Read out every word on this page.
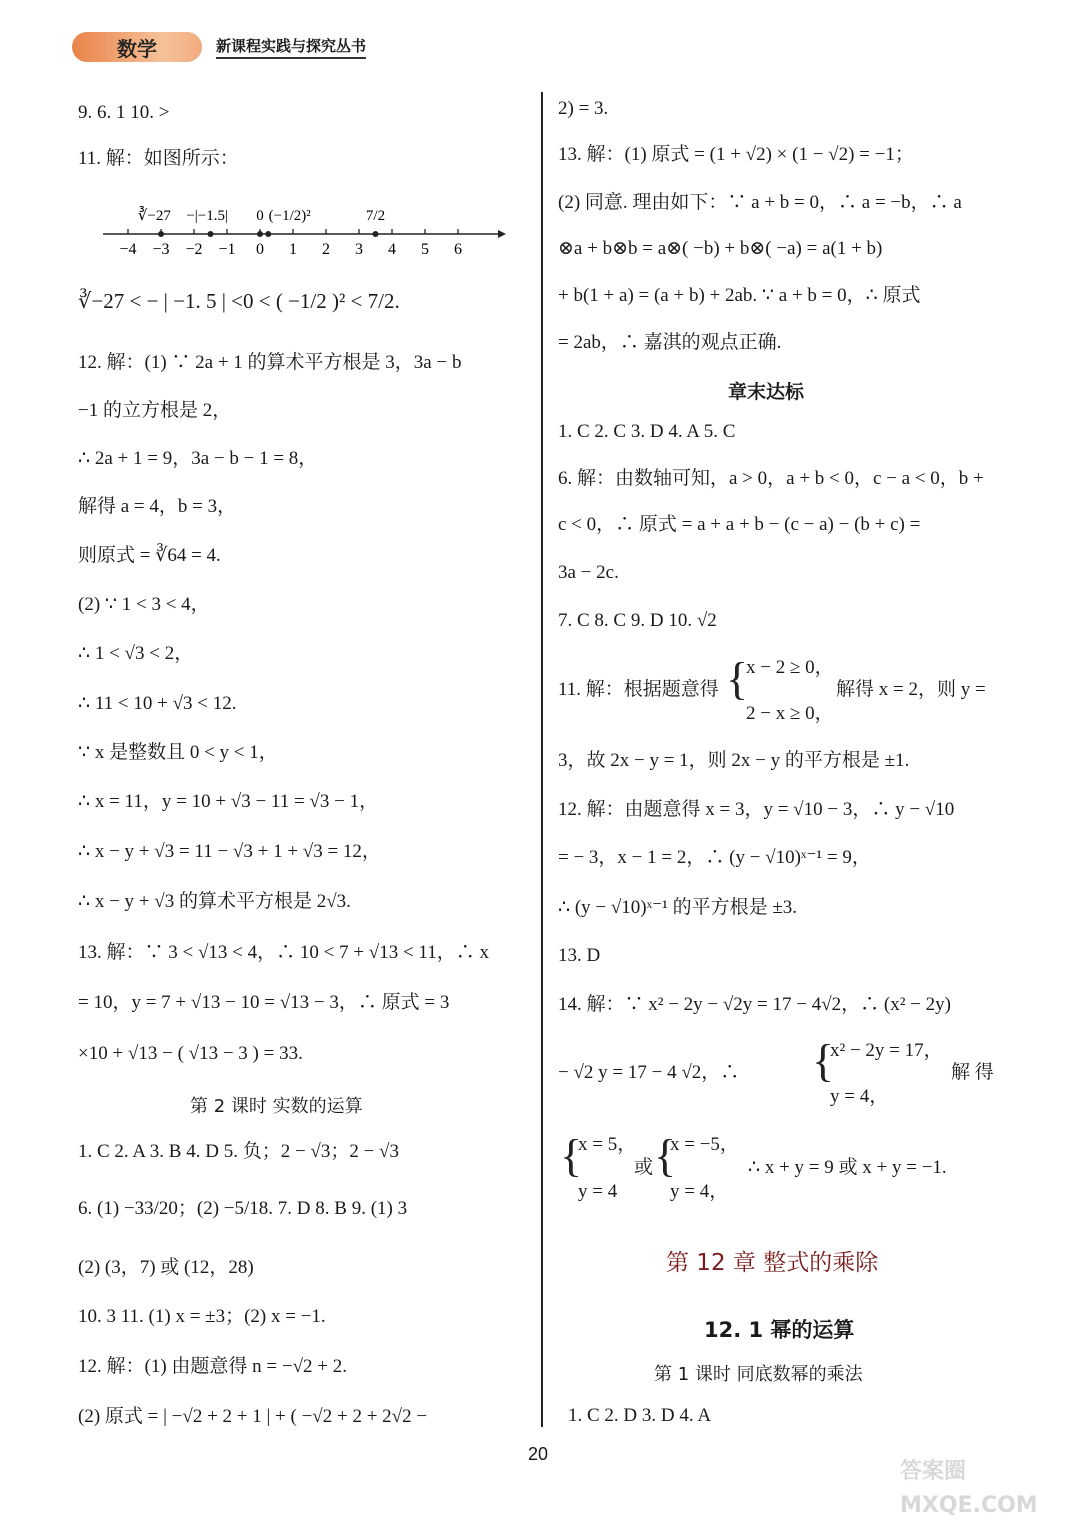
数学	新课程实践与探究丛书
9. 6. 1 10. >
11. 解：如图所示：
−4 −3 −2 −1 0 1 2 3 4 5 6
∛−27 −|−1.5| 0 (−1/2)²	7/2
∛−27 < − | −1. 5 | <0 < ( −1/2 )² < 7/2.
12. 解：(1) ∵ 2a + 1 的算术平方根是 3，3a − b
−1 的立方根是 2，
∴ 2a + 1 = 9，3a − b − 1 = 8，
解得 a = 4，b = 3，
则原式 = ∛64 = 4.
(2) ∵ 1 < 3 < 4，
∴ 1 < √3 < 2，
∴ 11 < 10 + √3 < 12.
∵ x 是整数且 0 < y < 1，
∴ x = 11，y = 10 + √3 − 11 = √3 − 1，
∴ x − y + √3 = 11 − √3 + 1 + √3 = 12，
∴ x − y + √3 的算术平方根是 2√3.
13. 解：∵ 3 < √13 < 4，∴ 10 < 7 + √13 < 11，∴ x
= 10，y = 7 + √13 − 10 = √13 − 3，∴ 原式 = 3
×10 + √13 − ( √13 − 3 ) = 33.
第 2 课时 实数的运算
1. C 2. A 3. B 4. D 5. 负；2 − √3；2 − √3
6. (1) −33/20；(2) −5/18. 7. D 8. B 9. (1) 3
(2) (3，7) 或 (12，28)
10. 3 11. (1) x = ±3；(2) x = −1.
12. 解：(1) 由题意得 n = −√2 + 2.
(2) 原式 = | −√2 + 2 + 1 | + ( −√2 + 2 + 2√2 −
2) = 3.
13. 解：(1) 原式 = (1 + √2) × (1 − √2) = −1；
(2) 同意. 理由如下：∵ a + b = 0，∴ a = −b，∴ a
⊗a + b⊗b = a⊗( −b) + b⊗( −a) = a(1 + b)
+ b(1 + a) = (a + b) + 2ab. ∵ a + b = 0，∴ 原式
= 2ab，∴ 嘉淇的观点正确.
章末达标
1. C 2. C 3. D 4. A 5. C
6. 解：由数轴可知，a > 0，a + b < 0，c − a < 0，b +
c < 0，∴ 原式 = a + a + b − (c − a) − (b + c) =
3a − 2c.
7. C 8. C 9. D 10. √2
11. 解：根据题意得 {
x − 2 ≥ 0，
2 − x ≥ 0，
解得 x = 2，则 y =
3，故 2x − y = 1，则 2x − y 的平方根是 ±1.
12. 解：由题意得 x = 3，y = √10 − 3，∴ y − √10
= − 3，x − 1 = 2，∴ (y − √10)ˣ⁻¹ = 9，
∴ (y − √10)ˣ⁻¹ 的平方根是 ±3.
13. D
14. 解：∵ x² − 2y − √2y = 17 − 4√2，∴ (x² − 2y)
− √2 y = 17 − 4 √2，∴ {
x² − 2y = 17，
y = 4，
解 得
{
x = 5，
y = 4
或 {
x = −5，
y = 4，
∴ x + y = 9 或 x + y = −1.
第 12 章 整式的乘除
12. 1 幂的运算
第 1 课时 同底数幂的乘法
1. C 2. D 3. D 4. A
20
答案圈 MXQE.COM
